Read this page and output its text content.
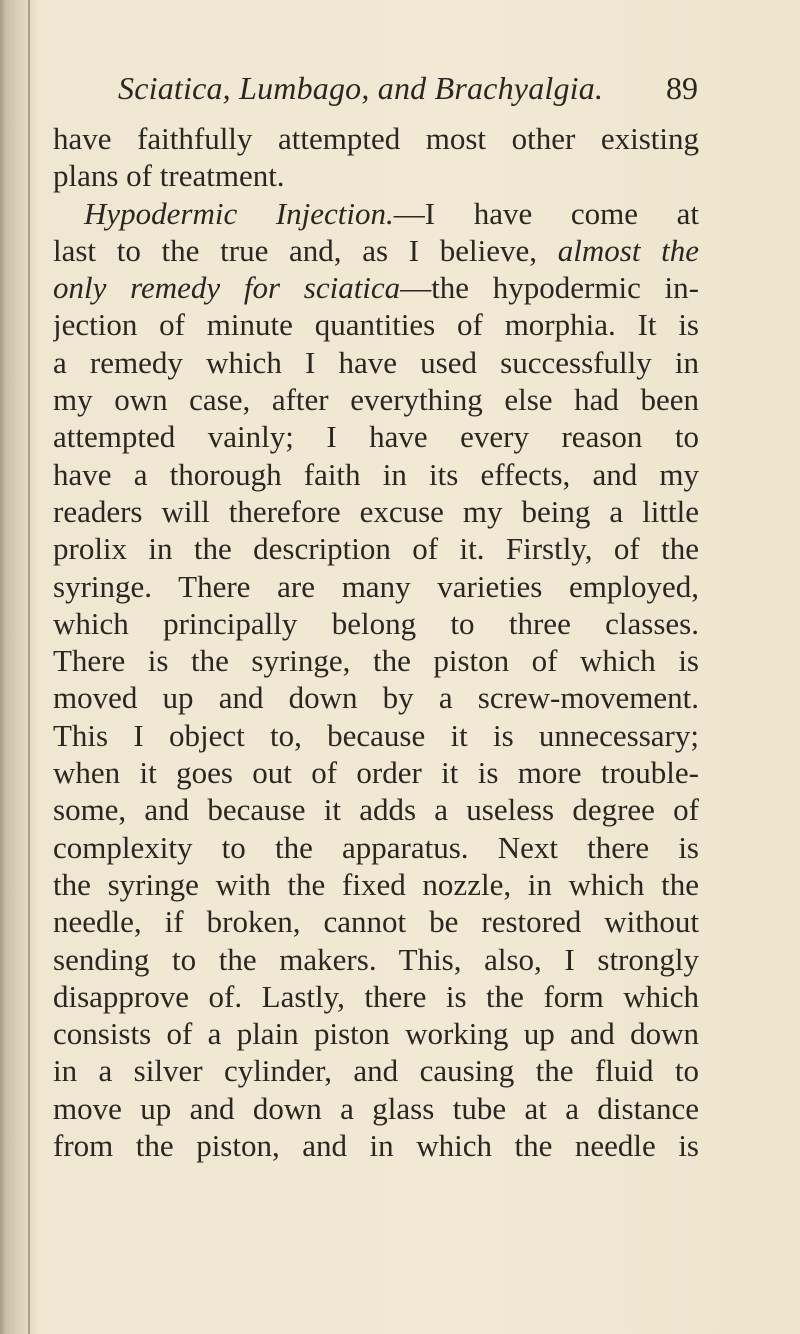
Sciatica, Lumbago, and Brachyalgia. 89
have faithfully attempted most other existing
plans of treatment.
Hypodermic Injection.—I have come at
last to the true and, as I believe, almost the
only remedy for sciatica—the hypodermic in-
jection of minute quantities of morphia. It is
a remedy which I have used successfully in
my own case, after everything else had been
attempted vainly; I have every reason to
have a thorough faith in its effects, and my
readers will therefore excuse my being a little
prolix in the description of it. Firstly, of the
syringe. There are many varieties employed,
which principally belong to three classes.
There is the syringe, the piston of which is
moved up and down by a screw-movement.
This I object to, because it is unnecessary;
when it goes out of order it is more trouble-
some, and because it adds a useless degree of
complexity to the apparatus. Next there is
the syringe with the fixed nozzle, in which the
needle, if broken, cannot be restored without
sending to the makers. This, also, I strongly
disapprove of. Lastly, there is the form which
consists of a plain piston working up and down
in a silver cylinder, and causing the fluid to
move up and down a glass tube at a distance
from the piston, and in which the needle is
